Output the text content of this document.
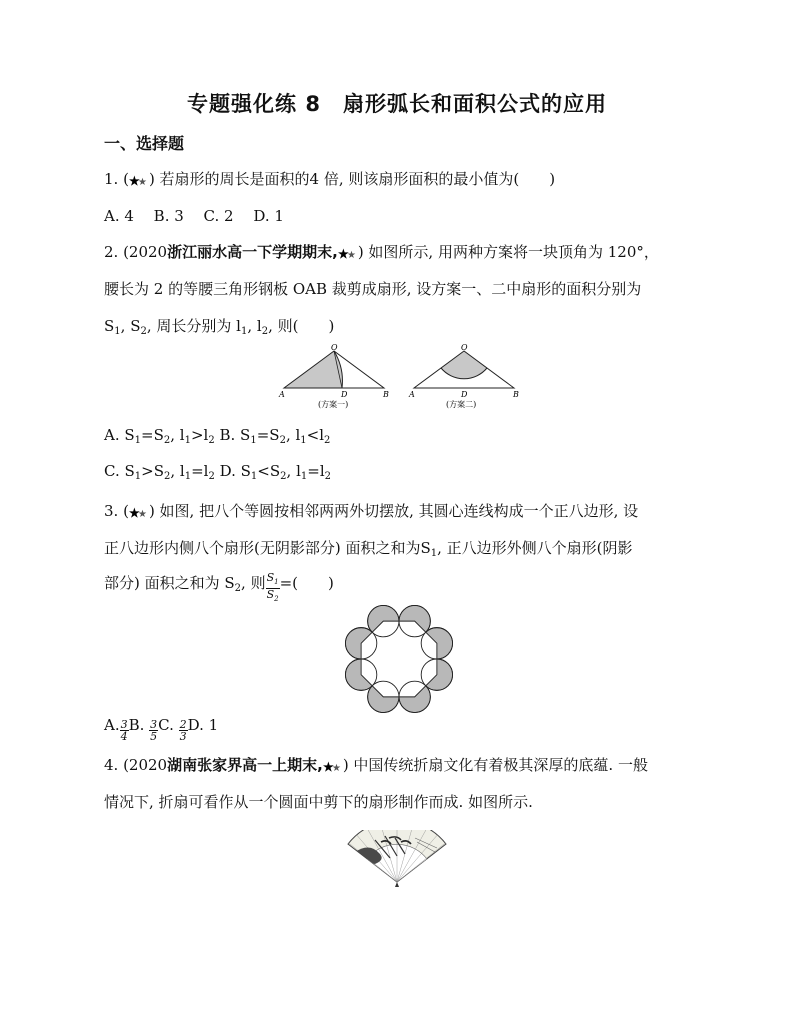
专题强化练 8　扇形弧长和面积公式的应用
一、选择题
1. ( ★
★ ) 若扇形的周长是面积的4 倍, 则该扇形面积的最小值为(　　)
A. 4　 B. 3　 C. 2　 D. 1
2. (2020浙江丽水高一下学期期末, ★
★ ) 如图所示, 用两种方案将一块顶角为 120°，
腰长为 2 的等腰三角形钢板 OAB 裁剪成扇形, 设方案一、二中扇形的面积分别为
$S_1$, $S_2$, 周长分别为 $l_1$, $l_2$, 则(　　)
O
A	D	B
(方案一)
O
A	D	B
(方案二)
A. $S_1=S_2$, $l_1>l_2$ B. $S_1=S_2$, $l_1<l_2$
C. $S_1>S_2$, $l_1=l_2$ D. $S_1<S_2$, $l_1=l_2$
3. ( ★
★ ) 如图, 把八个等圆按相邻两两外切摆放, 其圆心连线构成一个正八边形, 设
正八边形内侧八个扇形(无阴影部分) 面积之和为$S_1$, 正八边形外侧八个扇形(阴影
部分) 面积之和为 $S_2$, 则 $\frac{S_1}{S_2}$ =(　　)
A. $\frac{3}{4} B$. $\frac{3}{5} C$. $\frac{2}{3} D$. 1
4. (2020湖南张家界高一上期末, ★
★ ) 中国传统折扇文化有着极其深厚的底蕴. 一般
情况下, 折扇可看作从一个圆面中剪下的扇形制作而成. 如图所示.
